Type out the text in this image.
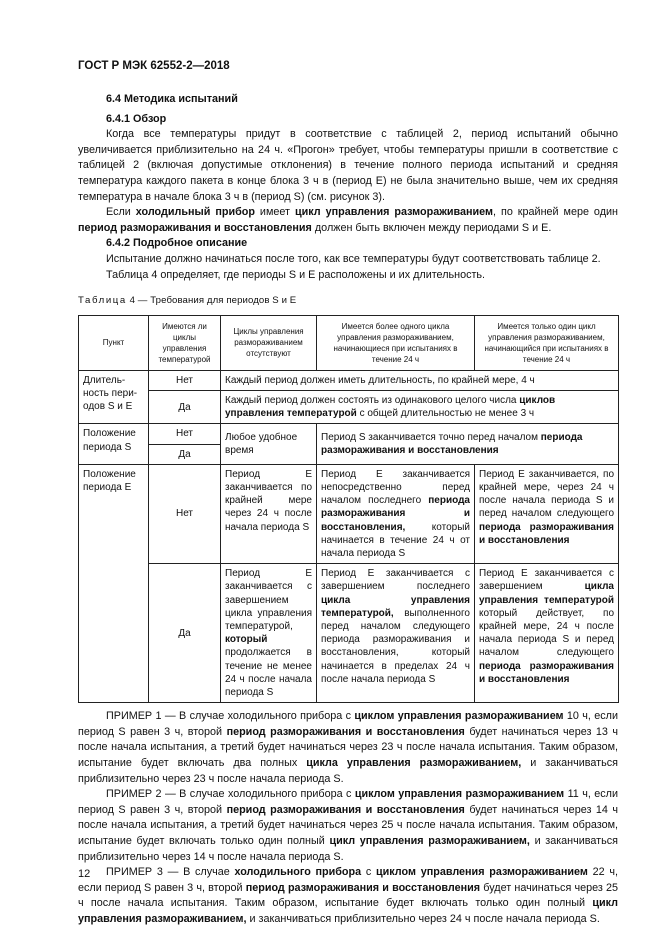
ГОСТ Р МЭК 62552-2—2018
6.4 Методика испытаний
6.4.1 Обзор
Когда все температуры придут в соответствие с таблицей 2, период испытаний обычно увеличивается приблизительно на 24 ч. «Прогон» требует, чтобы температуры пришли в соответствие с таблицей 2 (включая допустимые отклонения) в течение полного периода испытаний и средняя температура каждого пакета в конце блока 3 ч в (период E) не была значительно выше, чем их средняя температура в начале блока 3 ч в (период S) (см. рисунок 3).
Если холодильный прибор имеет цикл управления размораживанием, по крайней мере один период размораживания и восстановления должен быть включен между периодами S и E.
6.4.2 Подробное описание
Испытание должно начинаться после того, как все температуры будут соответствовать таблице 2.
Таблица 4 определяет, где периоды S и E расположены и их длительность.
Таблица 4 — Требования для периодов S и E
Пункт	Имеются ли циклы управления температурой	Циклы управления размораживанием отсутствуют	Имеется более одного цикла управления размораживанием, начинающиеся при испытаниях в течение 24 ч	Имеется только один цикл управления размораживанием, начинающийся при испытаниях в течение 24 ч
Длитель-ность пери-одов S и E	Нет	Каждый период должен иметь длительность, по крайней мере, 4 ч		
	Да	Каждый период должен состоять из одинакового целого числа циклов управления температурой с общей длительностью не менее 3 ч		
Положение периода S	Нет	Любое удобное время	Период S заканчивается точно перед началом периода размораживания и восстановления	
	Да			
Положение периода E	Нет	Период E заканчивается по крайней мере через 24 ч после начала периода S	Период E заканчивается непосредственно перед началом последнего периода размораживания и восстановления, который начинается в течение 24 ч от начала периода S	Период E заканчивается, по крайней мере, через 24 ч после начала периода S и перед началом следующего периода размораживания и восстановления
	Да	Период E заканчивается с завершением цикла управления температурой, который продолжается в течение не менее 24 ч после начала периода S	Период E заканчивается с завершением последнего цикла управления температурой, выполненного перед началом следующего периода размораживания и восстановления, который начинается в пределах 24 ч после начала периода S	Период E заканчивается с завершением цикла управления температурой который действует, по крайней мере, 24 ч после начала периода S и перед началом следующего периода размораживания и восстановления
ПРИМЕР 1 — В случае холодильного прибора с циклом управления размораживанием 10 ч, если период S равен 3 ч, второй период размораживания и восстановления будет начинаться через 13 ч после начала испытания, а третий будет начинаться через 23 ч после начала испытания. Таким образом, испытание будет включать два полных цикла управления размораживанием, и заканчиваться приблизительно через 23 ч после начала периода S.
ПРИМЕР 2 — В случае холодильного прибора с циклом управления размораживанием 11 ч, если период S равен 3 ч, второй период размораживания и восстановления будет начинаться через 14 ч после начала испытания, а третий будет начинаться через 25 ч после начала испытания. Таким образом, испытание будет включать только один полный цикл управления размораживанием, и заканчиваться приблизительно через 14 ч после начала периода S.
ПРИМЕР 3 — В случае холодильного прибора с циклом управления размораживанием 22 ч, если период S равен 3 ч, второй период размораживания и восстановления будет начинаться через 25 ч после начала испытания. Таким образом, испытание будет включать только один полный цикл управления размораживанием, и заканчиваться приблизительно через 24 ч после начала периода S.
12
